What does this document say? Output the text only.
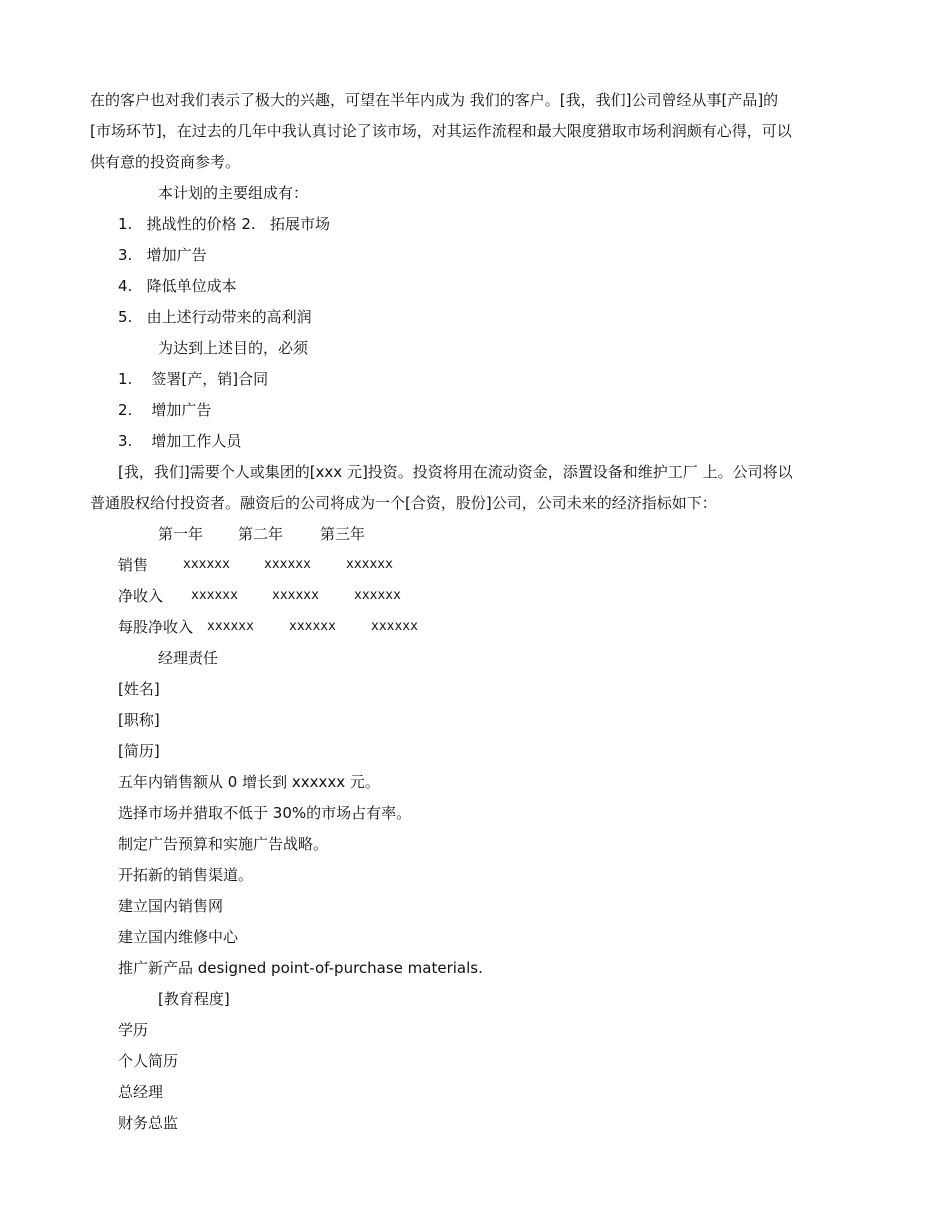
在的客户也对我们表示了极大的兴趣，可望在半年内成为 我们的客户。[我，我们]公司曾经从事[产品]的
[市场环节]，在过去的几年中我认真讨论了该市场，对其运作流程和最大限度猎取市场利润颇有心得，可以
供有意的投资商参考。
本计划的主要组成有：
1.   挑战性的价格 2.   拓展市场
3.   增加广告
4.   降低单位成本
5.   由上述行动带来的高利润
为达到上述目的，必须
1.    签署[产，销]合同
2.    增加广告
3.    增加工作人员
[我，我们]需要个人或集团的[xxx 元]投资。投资将用在流动资金，添置设备和维护工厂 上。公司将以
普通股权给付投资者。融资后的公司将成为一个[合资，股份]公司，公司未来的经济指标如下：
第一年 第二年 第三年
销售	xxxxxx	xxxxxx	xxxxxx
净收入 xxxxxx	xxxxxx	xxxxxx
每股净收入 xxxxxx	xxxxxx	xxxxxx
经理责任
[姓名]
[职称]
[简历]
五年内销售额从 0 增长到 xxxxxx 元。
选择市场并猎取不低于 30%的市场占有率。
制定广告预算和实施广告战略。
开拓新的销售渠道。
建立国内销售网
建立国内维修中心
推广新产品 designed point-of-purchase materials.
[教育程度]
学历
个人简历
总经理
财务总监
